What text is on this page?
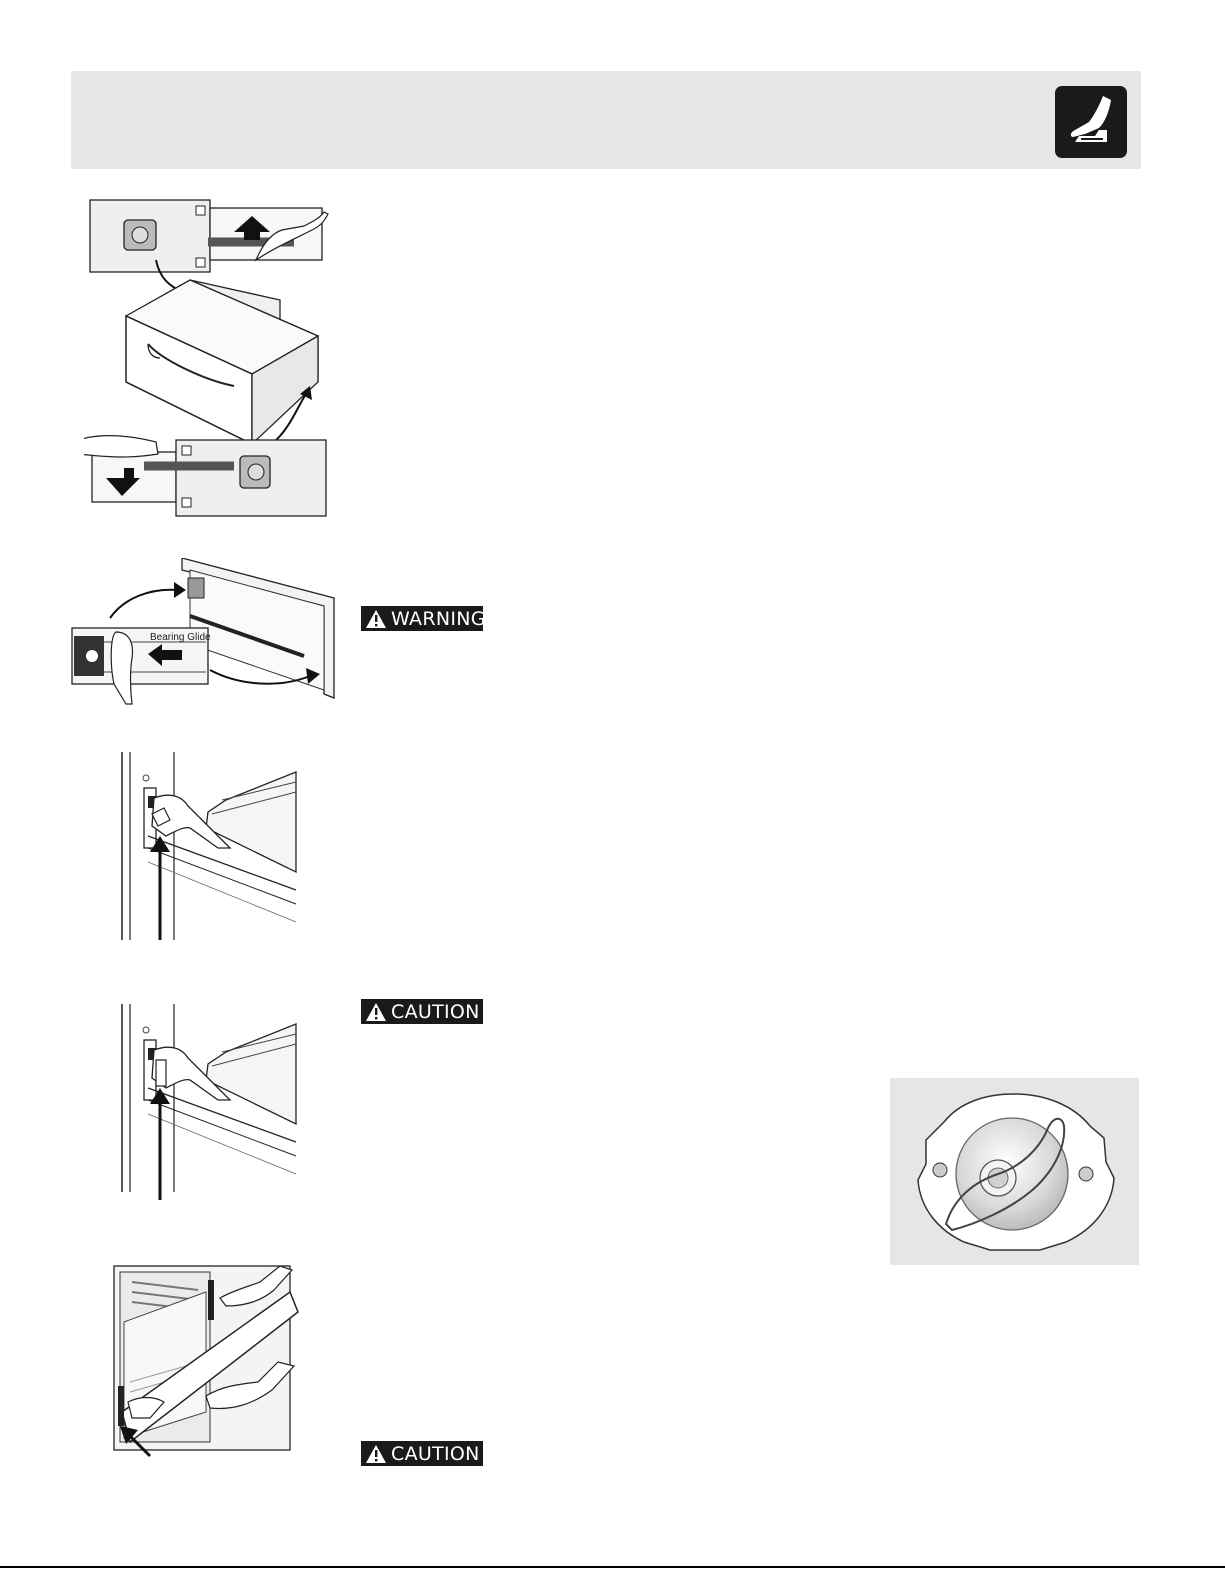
Bearing Glide
WARNING
CAUTION
CAUTION
